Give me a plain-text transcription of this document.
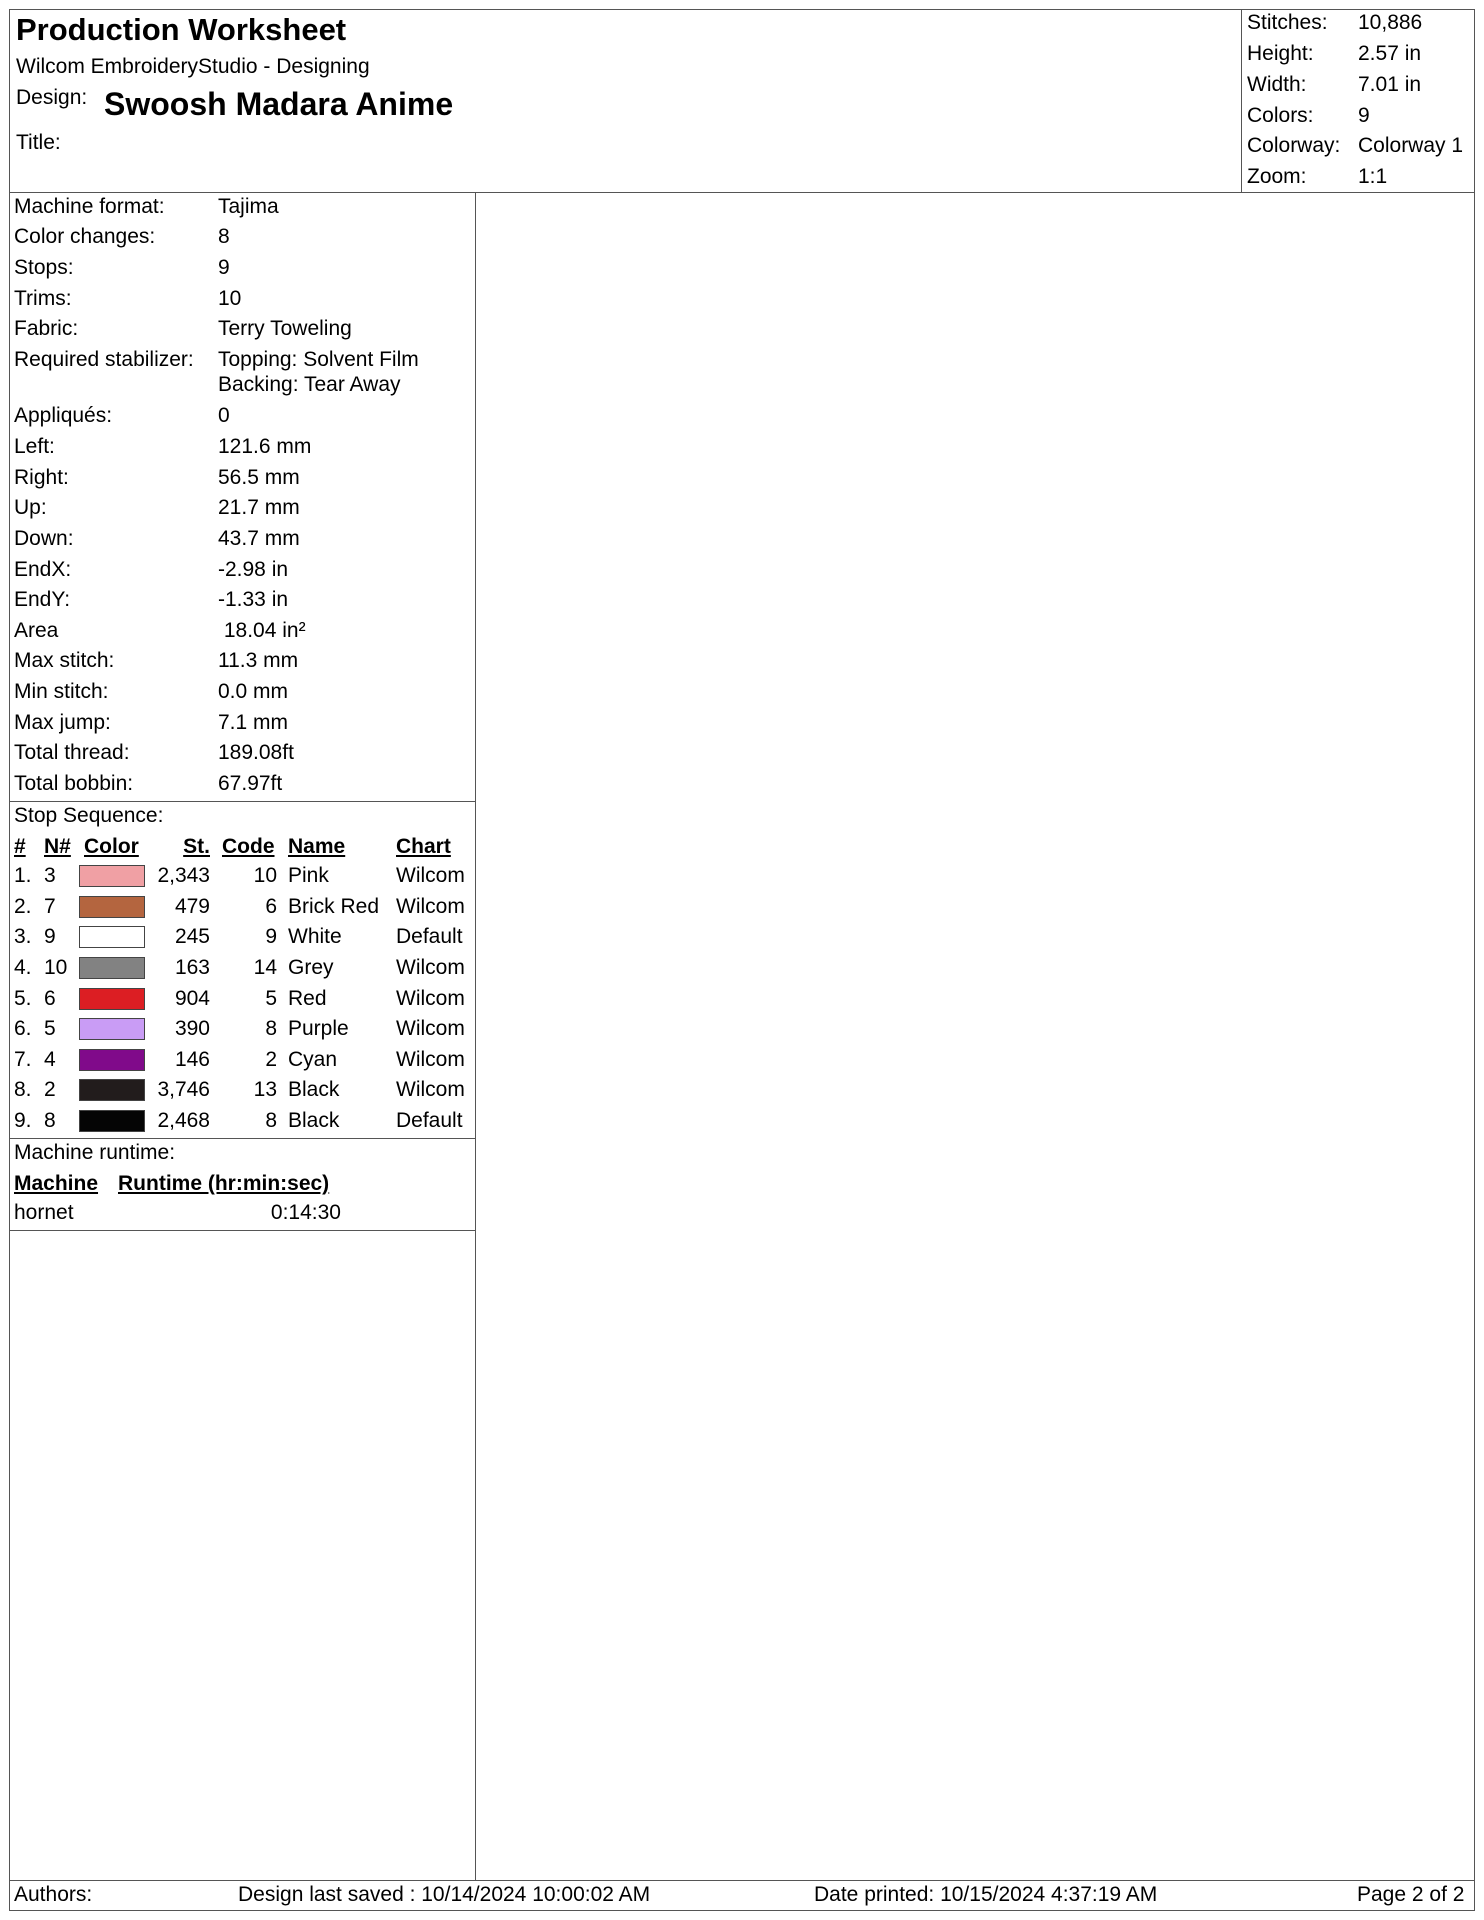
Production Worksheet
Wilcom EmbroideryStudio - Designing
Design: Swoosh Madara Anime
Title:
Stitches: 10,886
Height: 2.57 in
Width: 7.01 in
Colors: 9
Colorway: Colorway 1
Zoom: 1:1
Machine format:	Tajima
Color changes:	8
Stops:	9
Trims:	10
Fabric:	Terry Toweling
Required stabilizer: Topping: Solvent Film
Backing: Tear Away
Appliqués:	0
Left:	121.6 mm
Right:	56.5 mm
Up:	21.7 mm
Down:	43.7 mm
EndX:	-2.98 in
EndY:	-1.33 in
Area	18.04 in²
Max stitch:	11.3 mm
Min stitch:	0.0 mm
Max jump:	7.1 mm
Total thread:	189.08ft
Total bobbin:	67.97ft
Stop Sequence:
# N# Color	St. Code Name Chart
1. 3	2,343	10 Pink	Wilcom
2. 7	479	6 Brick Red Wilcom
3. 9	245	9 White	Default
4. 10	163	14 Grey	Wilcom
5. 6	904	5 Red	Wilcom
6. 5	390	8 Purple Wilcom
7. 4	146	2 Cyan	Wilcom
8. 2	3,746	13 Black	Wilcom
9. 8	2,468	8 Black	Default
Machine runtime:
Machine Runtime (hr:min:sec)
hornet	0:14:30
Authors:	Design last saved : 10/14/2024 10:00:02 AM	Date printed: 10/15/2024 4:37:19 AM	Page 2 of 2
